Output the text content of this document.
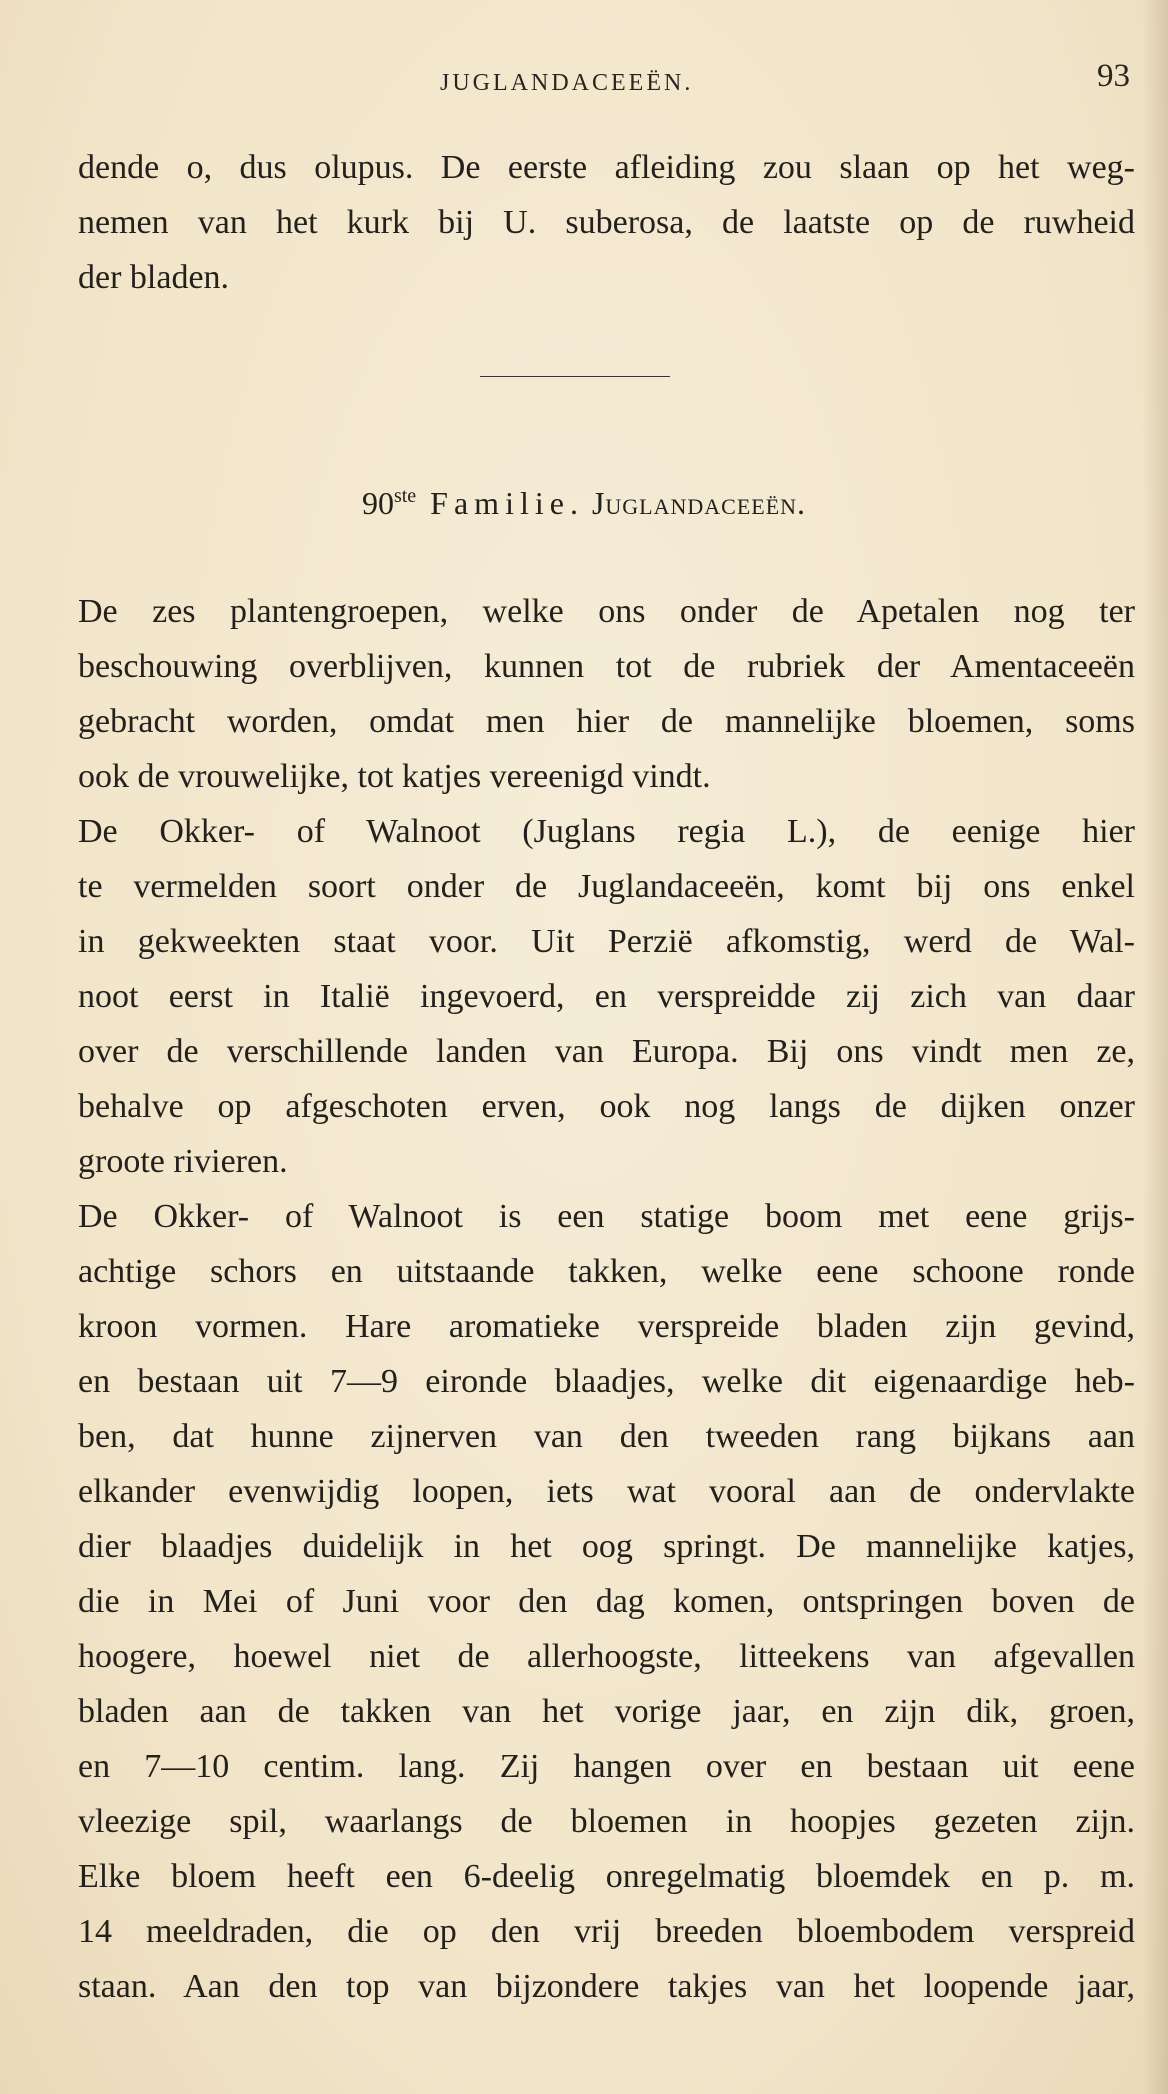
JUGLANDACEEËN.	93
dende o, dus olupus. De eerste afleiding zou slaan op het weg-
nemen van het kurk bij U. suberosa, de laatste op de ruwheid
der bladen.
90ste Familie. Juglandaceeën.
De zes plantengroepen, welke ons onder de Apetalen nog ter
beschouwing overblijven, kunnen tot de rubriek der Amentaceeën
gebracht worden, omdat men hier de mannelijke bloemen, soms
ook de vrouwelijke, tot katjes vereenigd vindt.
De Okker- of Walnoot (Juglans regia L.), de eenige hier
te vermelden soort onder de Juglandaceeën, komt bij ons enkel
in gekweekten staat voor. Uit Perzië afkomstig, werd de Wal-
noot eerst in Italië ingevoerd, en verspreidde zij zich van daar
over de verschillende landen van Europa. Bij ons vindt men ze,
behalve op afgeschoten erven, ook nog langs de dijken onzer
groote rivieren.
De Okker- of Walnoot is een statige boom met eene grijs-
achtige schors en uitstaande takken, welke eene schoone ronde
kroon vormen. Hare aromatieke verspreide bladen zijn gevind,
en bestaan uit 7—9 eironde blaadjes, welke dit eigenaardige heb-
ben, dat hunne zijnerven van den tweeden rang bijkans aan
elkander evenwijdig loopen, iets wat vooral aan de ondervlakte
dier blaadjes duidelijk in het oog springt. De mannelijke katjes,
die in Mei of Juni voor den dag komen, ontspringen boven de
hoogere, hoewel niet de allerhoogste, litteekens van afgevallen
bladen aan de takken van het vorige jaar, en zijn dik, groen,
en 7—10 centim. lang. Zij hangen over en bestaan uit eene
vleezige spil, waarlangs de bloemen in hoopjes gezeten zijn.
Elke bloem heeft een 6-deelig onregelmatig bloemdek en p. m.
14 meeldraden, die op den vrij breeden bloembodem verspreid
staan. Aan den top van bijzondere takjes van het loopende jaar,
